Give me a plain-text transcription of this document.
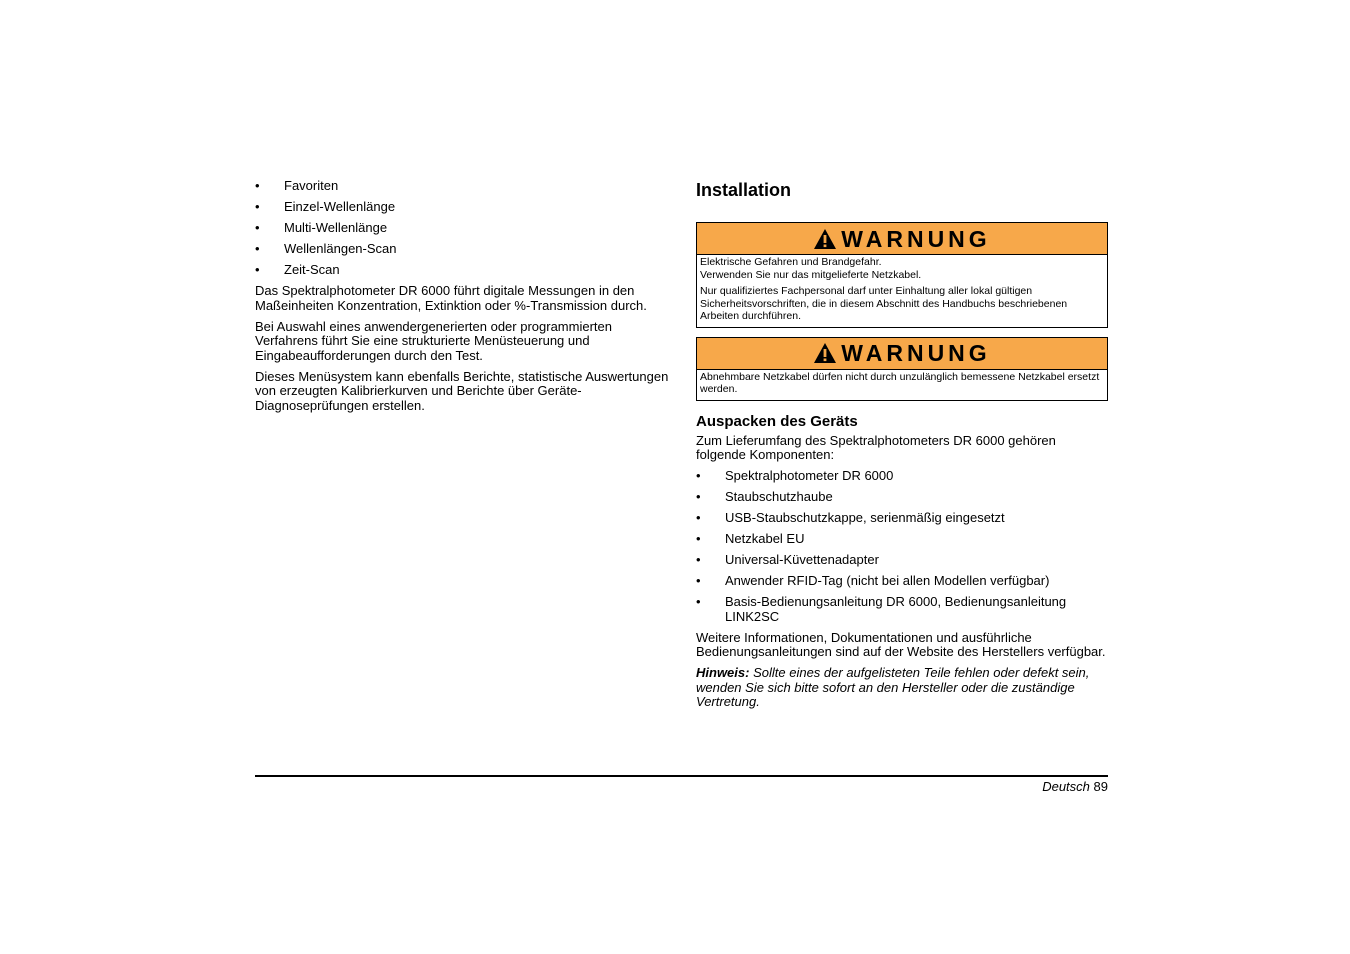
• Favoriten
• Einzel-Wellenlänge
• Multi-Wellenlänge
• Wellenlängen-Scan
• Zeit-Scan

Das Spektralphotometer DR 6000 führt digitale Messungen in den Maßeinheiten Konzentration, Extinktion oder %-Transmission durch.

Bei Auswahl eines anwendergenerierten oder programmierten Verfahrens führt Sie eine strukturierte Menüsteuerung und Eingabeaufforderungen durch den Test.

Dieses Menüsystem kann ebenfalls Berichte, statistische Auswertungen von erzeugten Kalibrierkurven und Berichte über Geräte-Diagnoseprüfungen erstellen.

Installation
WARNUNG
Elektrische Gefahren und Brandgefahr.
Verwenden Sie nur das mitgelieferte Netzkabel.
Nur qualifiziertes Fachpersonal darf unter Einhaltung aller lokal gültigen Sicherheitsvorschriften, die in diesem Abschnitt des Handbuchs beschriebenen Arbeiten durchführen.
WARNUNG
Abnehmbare Netzkabel dürfen nicht durch unzulänglich bemessene Netzkabel ersetzt werden.
Auspacken des Geräts

Zum Lieferumfang des Spektralphotometers DR 6000 gehören folgende Komponenten:

• Spektralphotometer DR 6000
• Staubschutzhaube
• USB-Staubschutzkappe, serienmäßig eingesetzt
• Netzkabel EU
• Universal-Küvettenadapter
• Anwender RFID-Tag (nicht bei allen Modellen verfügbar)
• Basis-Bedienungsanleitung DR 6000, Bedienungsanleitung LINK2SC

Weitere Informationen, Dokumentationen und ausführliche Bedienungsanleitungen sind auf der Website des Herstellers verfügbar.

Hinweis: Sollte eines der aufgelisteten Teile fehlen oder defekt sein, wenden Sie sich bitte sofort an den Hersteller oder die zuständige Vertretung.

Deutsch 89
